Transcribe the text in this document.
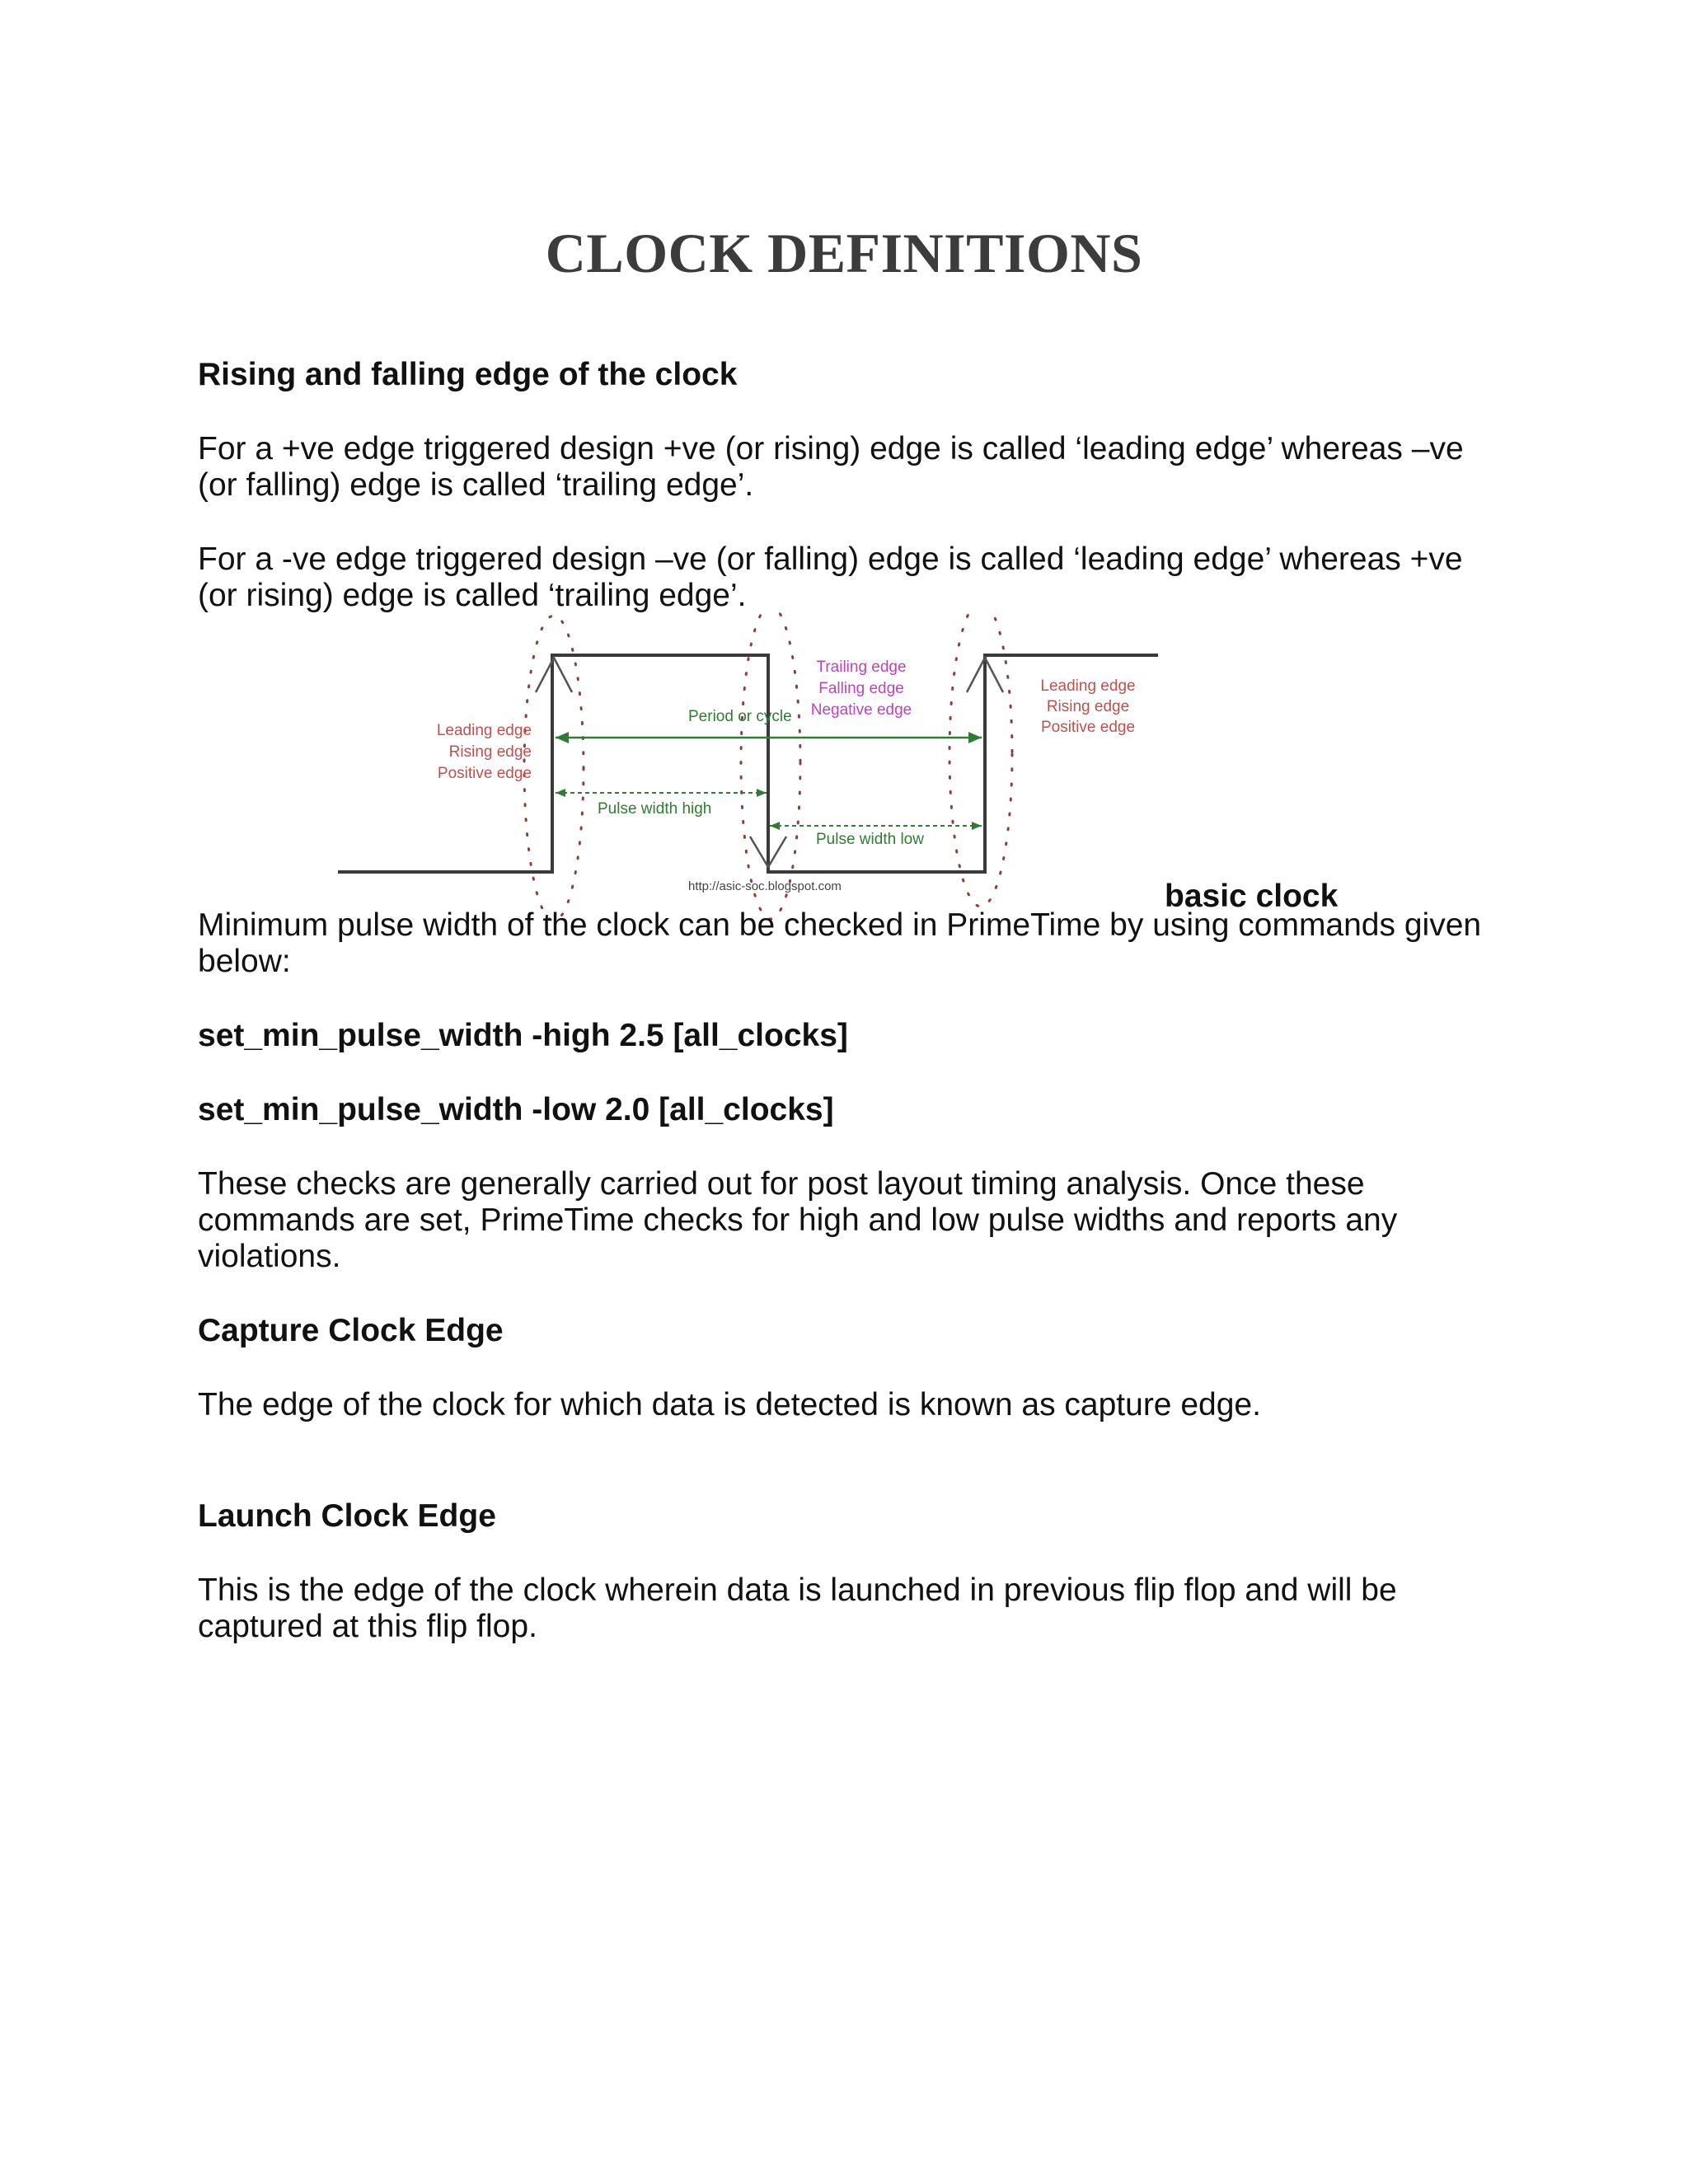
CLOCK DEFINITIONS

Rising and falling edge of the clock

For a +ve edge triggered design +ve (or rising) edge is called ‘leading edge’ whereas –ve

(or falling) edge is called ‘trailing edge’.

For a -ve edge triggered design –ve (or falling) edge is called ‘leading edge’ whereas +ve

(or rising) edge is called ‘trailing edge’.

Period or cycle
Pulse width high
Pulse width low
Leading edge
Rising edge
Positive edge
Trailing edge
Falling edge
Negative edge
Leading edge
Rising edge
Positive edge
http://asic-soc.blogspot.com	basic clock

Minimum pulse width of the clock can be checked in PrimeTime by using commands given

below:

set_min_pulse_width -high 2.5 [all_clocks]

set_min_pulse_width -low 2.0 [all_clocks]

These checks are generally carried out for post layout timing analysis. Once these

commands are set, PrimeTime checks for high and low pulse widths and reports any

violations.

Capture Clock Edge

The edge of the clock for which data is detected is known as capture edge.

Launch Clock Edge

This is the edge of the clock wherein data is launched in previous flip flop and will be

captured at this flip flop.
